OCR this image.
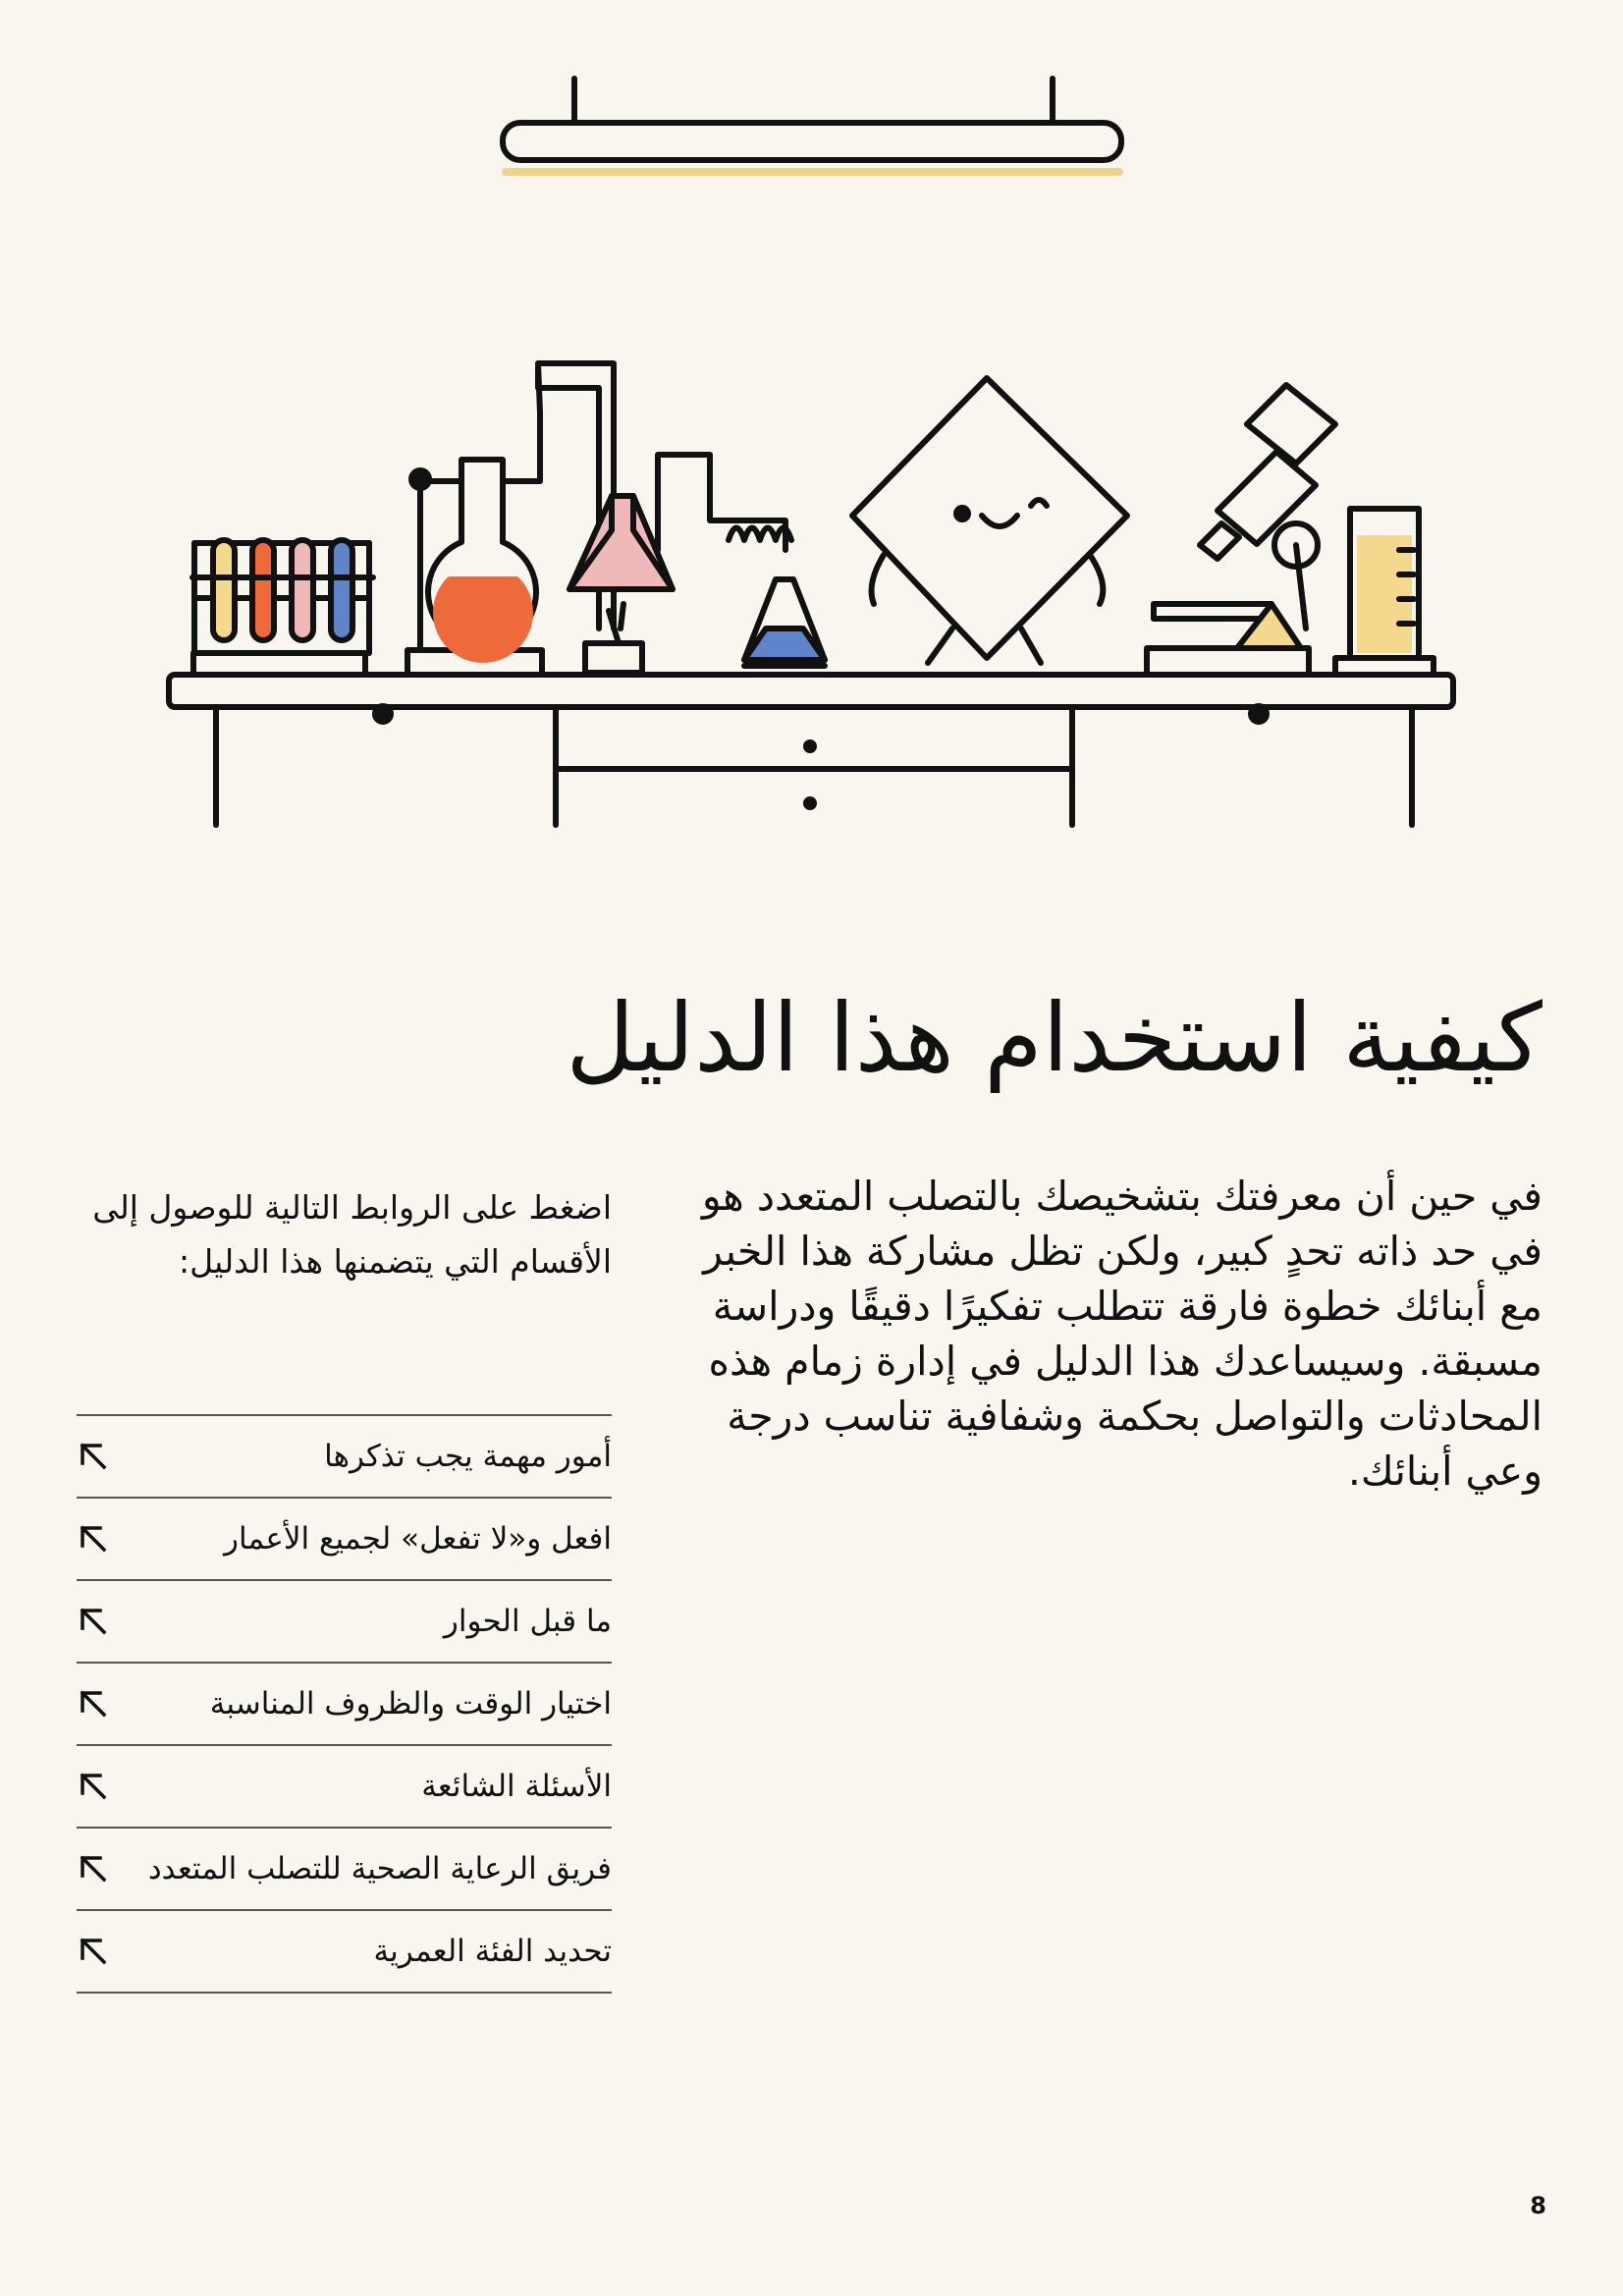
كيفية استخدام هذا الدليل

في حين أن معرفتك بتشخيصك بالتصلب المتعدد هو في حد ذاته تحدٍ كبير، ولكن تظل مشاركة هذا الخبر مع أبنائك خطوة فارقة تتطلب تفكيرًا دقيقًا ودراسة مسبقة. وسيساعدك هذا الدليل في إدارة زمام هذه المحادثات والتواصل بحكمة وشفافية تناسب درجة وعي أبنائك.

اضغط على الروابط التالية للوصول إلى الأقسام التي يتضمنها هذا الدليل:

أمور مهمة يجب تذكرها
افعل و«لا تفعل» لجميع الأعمار
ما قبل الحوار
اختيار الوقت والظروف المناسبة
الأسئلة الشائعة
فريق الرعاية الصحية للتصلب المتعدد
تحديد الفئة العمرية
8
